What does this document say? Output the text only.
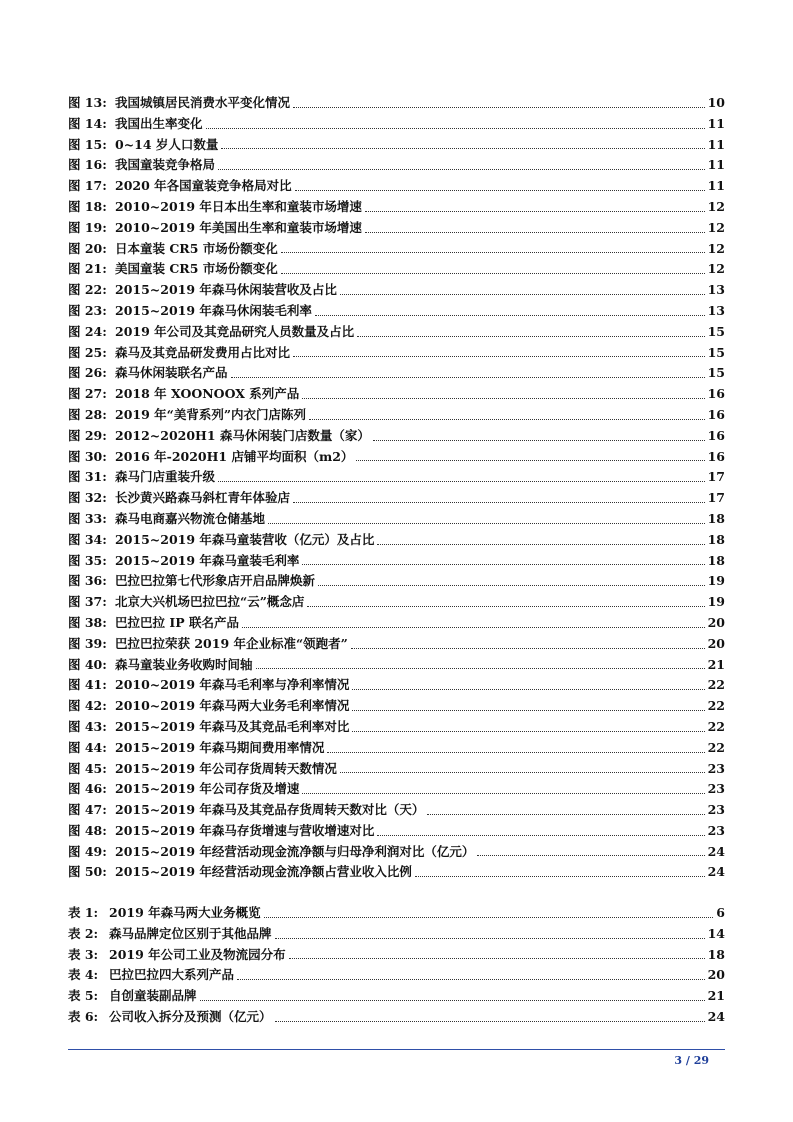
图 13: 我国城镇居民消费水平变化情况	10
图 14: 我国出生率变化	11
图 15: 0~14 岁人口数量	11
图 16: 我国童装竞争格局	11
图 17: 2020 年各国童装竞争格局对比	11
图 18: 2010~2019 年日本出生率和童装市场增速	12
图 19: 2010~2019 年美国出生率和童装市场增速	12
图 20: 日本童装 CR5 市场份额变化	12
图 21: 美国童装 CR5 市场份额变化	12
图 22: 2015~2019 年森马休闲装营收及占比	13
图 23: 2015~2019 年森马休闲装毛利率	13
图 24: 2019 年公司及其竞品研究人员数量及占比	15
图 25: 森马及其竞品研发费用占比对比	15
图 26: 森马休闲装联名产品	15
图 27: 2018 年 XOONOOX 系列产品	16
图 28: 2019 年“美背系列”内衣门店陈列	16
图 29: 2012~2020H1 森马休闲装门店数量（家）	16
图 30: 2016 年-2020H1 店铺平均面积（m2）	16
图 31: 森马门店重装升级	17
图 32: 长沙黄兴路森马斜杠青年体验店	17
图 33: 森马电商嘉兴物流仓储基地	18
图 34: 2015~2019 年森马童装营收（亿元）及占比	18
图 35: 2015~2019 年森马童装毛利率	18
图 36: 巴拉巴拉第七代形象店开启品牌焕新	19
图 37: 北京大兴机场巴拉巴拉“云”概念店	19
图 38: 巴拉巴拉 IP 联名产品	20
图 39: 巴拉巴拉荣获 2019 年企业标准“领跑者”	20
图 40: 森马童装业务收购时间轴	21
图 41: 2010~2019 年森马毛利率与净利率情况	22
图 42: 2010~2019 年森马两大业务毛利率情况	22
图 43: 2015~2019 年森马及其竞品毛利率对比	22
图 44: 2015~2019 年森马期间费用率情况	22
图 45: 2015~2019 年公司存货周转天数情况	23
图 46: 2015~2019 年公司存货及增速	23
图 47: 2015~2019 年森马及其竞品存货周转天数对比（天）	23
图 48: 2015~2019 年森马存货增速与营收增速对比	23
图 49: 2015~2019 年经营活动现金流净额与归母净利润对比（亿元）	24
图 50: 2015~2019 年经营活动现金流净额占营业收入比例	24
表 1: 2019 年森马两大业务概览	6
表 2: 森马品牌定位区别于其他品牌	14
表 3: 2019 年公司工业及物流园分布	18
表 4: 巴拉巴拉四大系列产品	20
表 5: 自创童装副品牌	21
表 6: 公司收入拆分及预测（亿元）	24
3 / 29
